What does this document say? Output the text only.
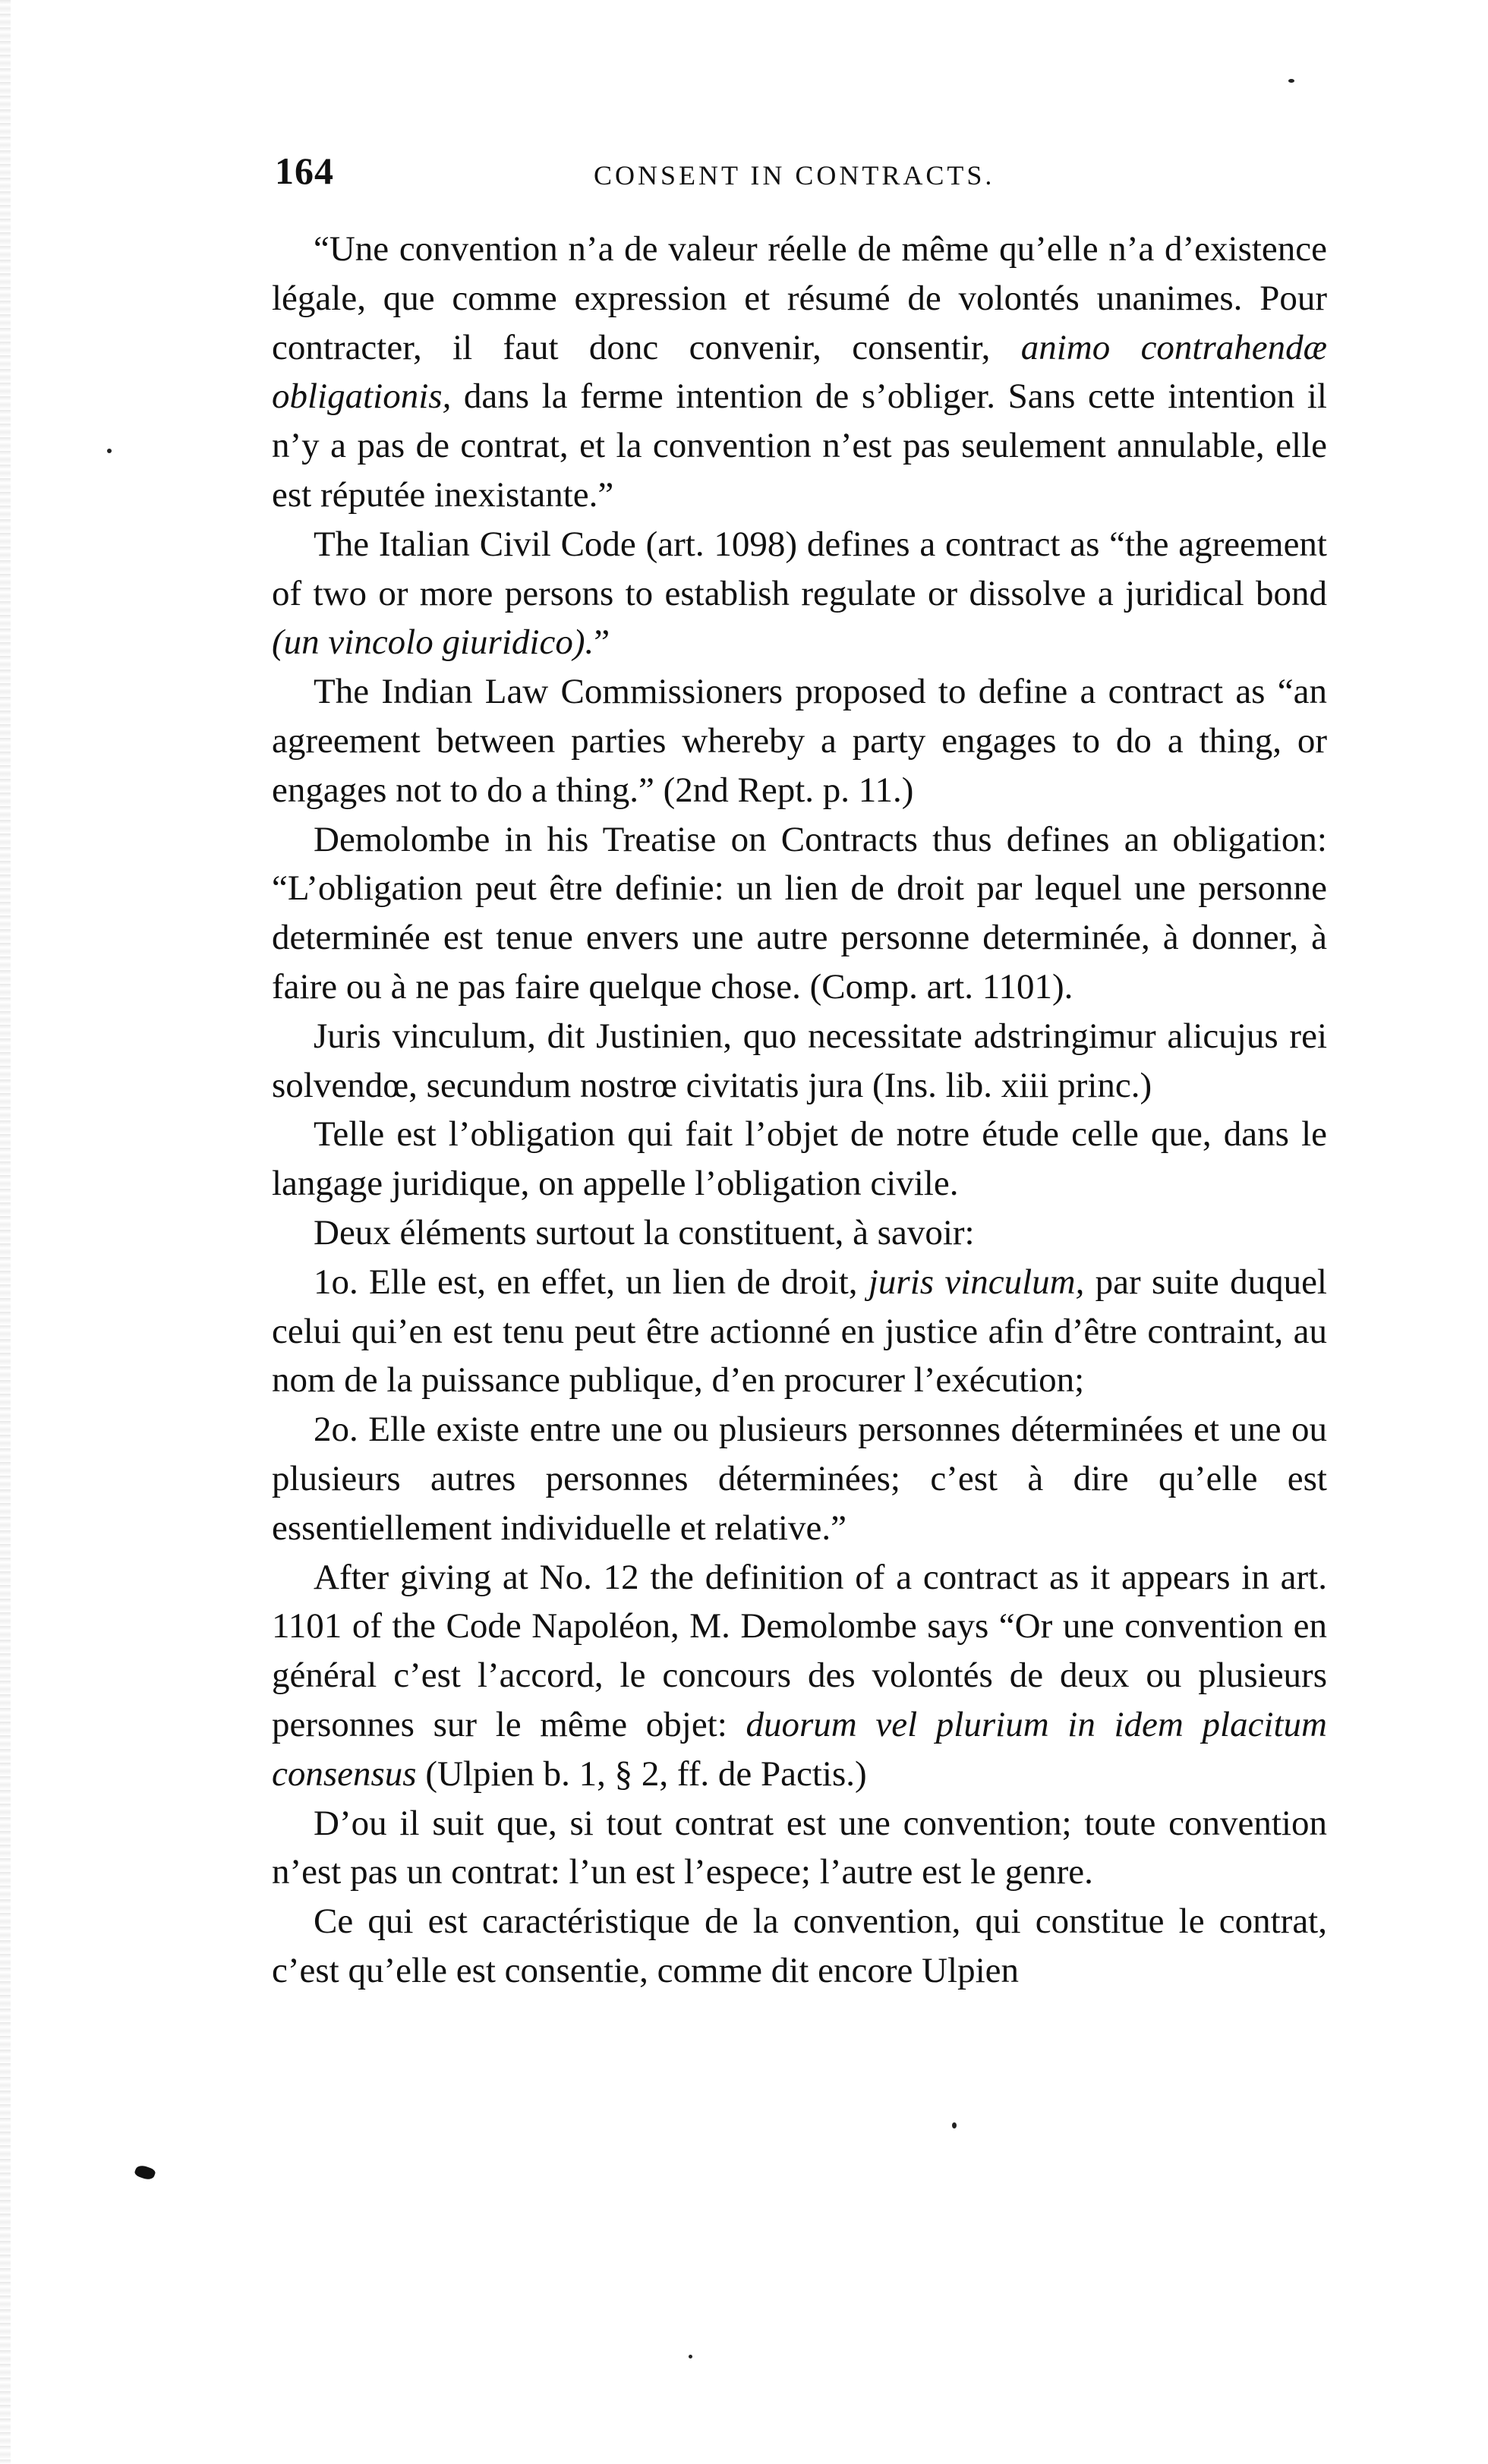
164	CONSENT IN CONTRACTS.

“Une convention n’a de valeur réelle de même qu’elle n’a d’existence légale, que comme expression et résumé de volontés unanimes. Pour contracter, il faut donc convenir, consentir, animo contrahendæ obligationis, dans la ferme intention de s’obliger. Sans cette intention il n’y a pas de contrat, et la convention n’est pas seulement annulable, elle est réputée inexistante.”

The Italian Civil Code (art. 1098) defines a contract as “the agreement of two or more persons to establish regulate or dissolve a juridical bond (un vincolo giuridico).”

The Indian Law Commissioners proposed to define a contract as “an agreement between parties whereby a party engages to do a thing, or engages not to do a thing.” (2nd Rept. p. 11.)

Demolombe in his Treatise on Contracts thus defines an obligation: “L’obligation peut être definie: un lien de droit par lequel une personne determinée est tenue envers une autre personne determinée, à donner, à faire ou à ne pas faire quelque chose. (Comp. art. 1101).

Juris vinculum, dit Justinien, quo necessitate adstringimur alicujus rei solvendœ, secundum nostrœ civitatis jura (Ins. lib. xiii princ.)

Telle est l’obligation qui fait l’objet de notre étude celle que, dans le langage juridique, on appelle l’obligation civile.

Deux éléments surtout la constituent, à savoir:

1o. Elle est, en effet, un lien de droit, juris vinculum, par suite duquel celui qui’en est tenu peut être actionné en justice afin d’être contraint, au nom de la puissance publique, d’en procurer l’exécution;

2o. Elle existe entre une ou plusieurs personnes déterminées et une ou plusieurs autres personnes déterminées; c’est à dire qu’elle est essentiellement individuelle et relative.”

After giving at No. 12 the definition of a contract as it appears in art. 1101 of the Code Napoléon, M. Demolombe says “Or une convention en général c’est l’accord, le concours des volontés de deux ou plusieurs personnes sur le même objet: duorum vel plurium in idem placitum consensus (Ulpien b. 1, § 2, ff. de Pactis.)

D’ou il suit que, si tout contrat est une convention; toute convention n’est pas un contrat: l’un est l’espece; l’autre est le genre.

Ce qui est caractéristique de la convention, qui constitue le contrat, c’est qu’elle est consentie, comme dit encore Ulpien
